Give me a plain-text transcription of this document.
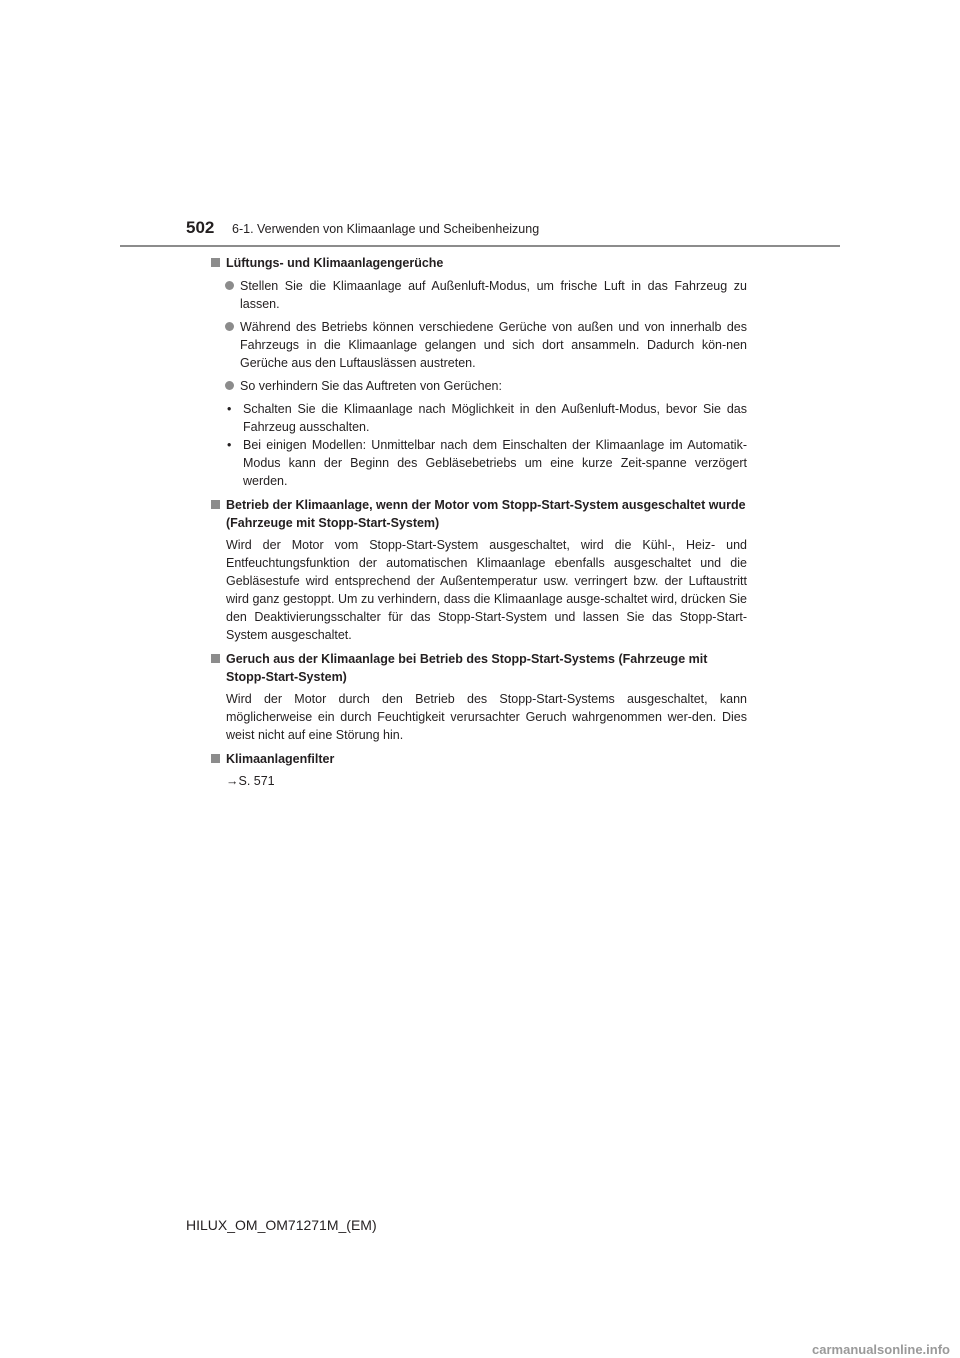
502 6-1. Verwenden von Klimaanlage und Scheibenheizung
Lüftungs- und Klimaanlagengerüche
Stellen Sie die Klimaanlage auf Außenluft-Modus, um frische Luft in das Fahrzeug zu lassen.
Während des Betriebs können verschiedene Gerüche von außen und von innerhalb des Fahrzeugs in die Klimaanlage gelangen und sich dort ansammeln. Dadurch kön-nen Gerüche aus den Luftauslässen austreten.
So verhindern Sie das Auftreten von Gerüchen:
• Schalten Sie die Klimaanlage nach Möglichkeit in den Außenluft-Modus, bevor Sie das Fahrzeug ausschalten.
• Bei einigen Modellen: Unmittelbar nach dem Einschalten der Klimaanlage im Automatik-Modus kann der Beginn des Gebläsebetriebs um eine kurze Zeit-spanne verzögert werden.
Betrieb der Klimaanlage, wenn der Motor vom Stopp-Start-System ausgeschaltet wurde (Fahrzeuge mit Stopp-Start-System)
Wird der Motor vom Stopp-Start-System ausgeschaltet, wird die Kühl-, Heiz- und Entfeuchtungsfunktion der automatischen Klimaanlage ebenfalls ausgeschaltet und die Gebläsestufe wird entsprechend der Außentemperatur usw. verringert bzw. der Luftaustritt wird ganz gestoppt. Um zu verhindern, dass die Klimaanlage ausge-schaltet wird, drücken Sie den Deaktivierungsschalter für das Stopp-Start-System und lassen Sie das Stopp-Start-System ausgeschaltet.
Geruch aus der Klimaanlage bei Betrieb des Stopp-Start-Systems (Fahrzeuge mit Stopp-Start-System)
Wird der Motor durch den Betrieb des Stopp-Start-Systems ausgeschaltet, kann möglicherweise ein durch Feuchtigkeit verursachter Geruch wahrgenommen wer-den. Dies weist nicht auf eine Störung hin.
Klimaanlagenfilter
→S. 571
HILUX_OM_OM71271M_(EM)
carmanualsonline.info
